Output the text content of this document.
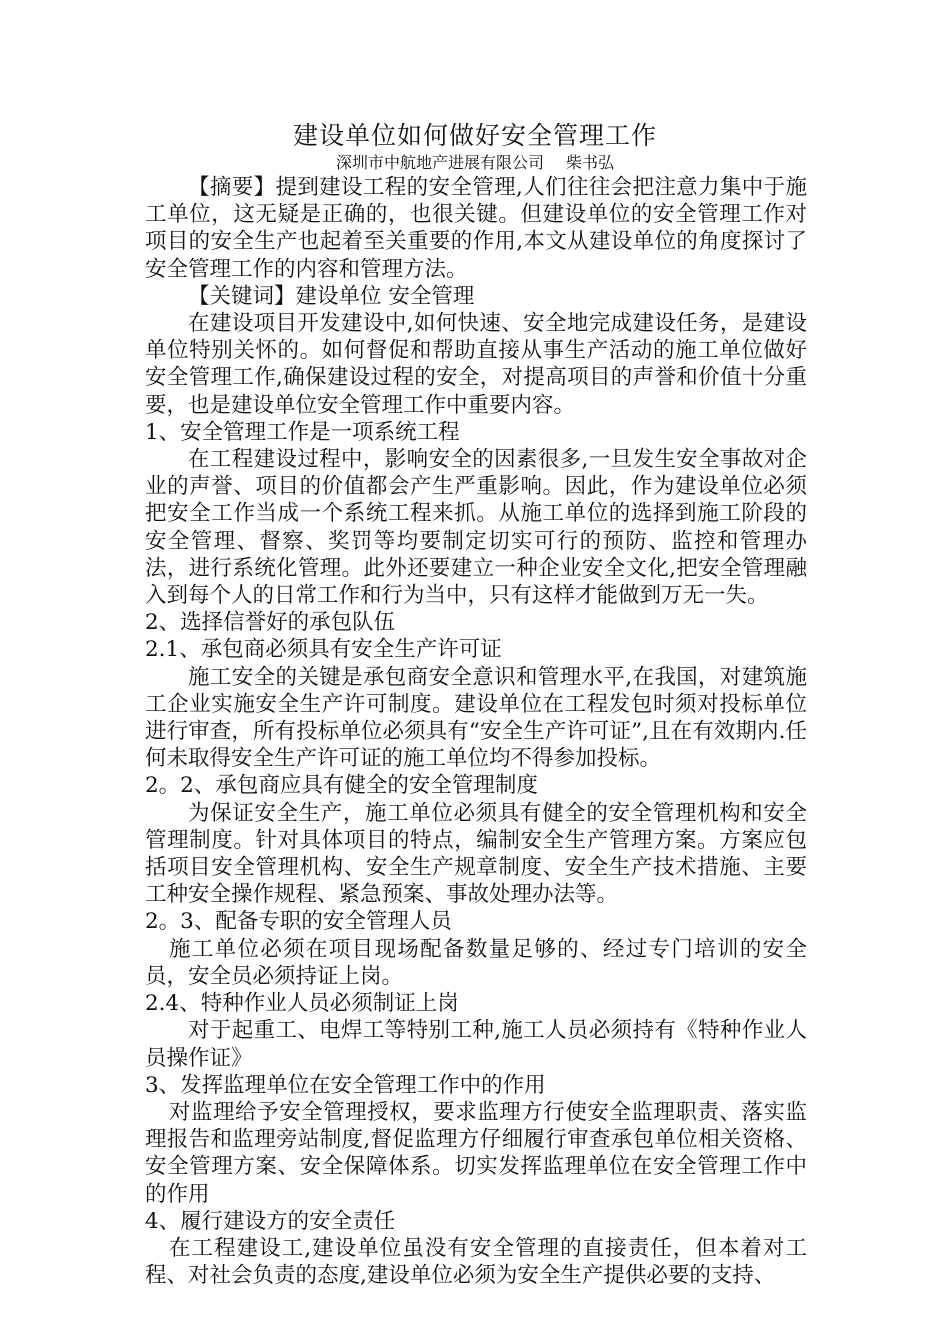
建设单位如何做好安全管理工作
深圳市中航地产进展有限公司 柴书弘

【摘要】提到建设工程的安全管理,人们往往会把注意力集中于施工单位，这无疑是正确的，也很关键。但建设单位的安全管理工作对项目的安全生产也起着至关重要的作用,本文从建设单位的角度探讨了安全管理工作的内容和管理方法。

【关键词】建设单位 安全管理

在建设项目开发建设中,如何快速、安全地完成建设任务，是建设单位特别关怀的。如何督促和帮助直接从事生产活动的施工单位做好安全管理工作,确保建设过程的安全，对提高项目的声誉和价值十分重要，也是建设单位安全管理工作中重要内容。

1、安全管理工作是一项系统工程

在工程建设过程中，影响安全的因素很多,一旦发生安全事故对企业的声誉、项目的价值都会产生严重影响。因此，作为建设单位必须把安全工作当成一个系统工程来抓。从施工单位的选择到施工阶段的安全管理、督察、奖罚等均要制定切实可行的预防、监控和管理办法，进行系统化管理。此外还要建立一种企业安全文化,把安全管理融入到每个人的日常工作和行为当中，只有这样才能做到万无一失。

2、选择信誉好的承包队伍

2.1、承包商必须具有安全生产许可证

施工安全的关键是承包商安全意识和管理水平,在我国，对建筑施工企业实施安全生产许可制度。建设单位在工程发包时须对投标单位进行审查，所有投标单位必须具有“安全生产许可证”,且在有效期内.任何未取得安全生产许可证的施工单位均不得参加投标。

2。2、承包商应具有健全的安全管理制度

为保证安全生产，施工单位必须具有健全的安全管理机构和安全管理制度。针对具体项目的特点，编制安全生产管理方案。方案应包括项目安全管理机构、安全生产规章制度、安全生产技术措施、主要工种安全操作规程、紧急预案、事故处理办法等。

2。3、配备专职的安全管理人员

施工单位必须在项目现场配备数量足够的、经过专门培训的安全员，安全员必须持证上岗。

2.4、特种作业人员必须制证上岗

对于起重工、电焊工等特别工种,施工人员必须持有《特种作业人员操作证》

3、发挥监理单位在安全管理工作中的作用

对监理给予安全管理授权，要求监理方行使安全监理职责、落实监理报告和监理旁站制度,督促监理方仔细履行审查承包单位相关资格、安全管理方案、安全保障体系。切实发挥监理单位在安全管理工作中的作用

4、履行建设方的安全责任

在工程建设工,建设单位虽没有安全管理的直接责任，但本着对工程、对社会负责的态度,建设单位必须为安全生产提供必要的支持、
